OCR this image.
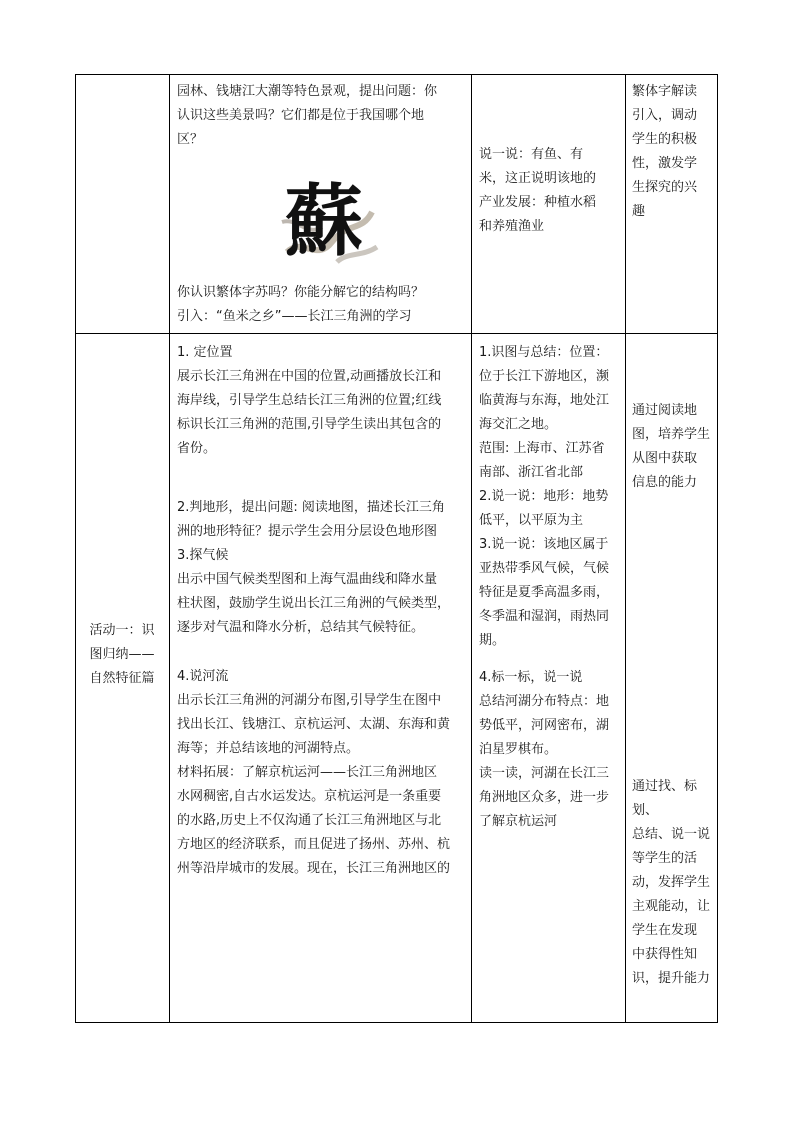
园林、钱塘江大潮等特色景观，提出问题：你

认识这些美景吗？它们都是位于我国哪个地

区？

蘇

你认识繁体字苏吗？你能分解它的结构吗？

引入：“鱼米之乡”——长江三角洲的学习

说一说：有鱼、有

米，这正说明该地的

产业发展：种植水稻

和养殖渔业

繁体字解读

引入，调动

学生的积极

性，激发学

生探究的兴

趣

活动一：识

图归纳——

自然特征篇

1. 定位置

展示长江三角洲在中国的位置,动画播放长江和

海岸线，引导学生总结长江三角洲的位置;红线

标识长江三角洲的范围,引导学生读出其包含的

省份。

2.判地形，提出问题: 阅读地图，描述长江三角

洲的地形特征？提示学生会用分层设色地形图

3.探气候

出示中国气候类型图和上海气温曲线和降水量

柱状图，鼓励学生说出长江三角洲的气候类型，

逐步对气温和降水分析，总结其气候特征。

4.说河流

出示长江三角洲的河湖分布图,引导学生在图中

找出长江、钱塘江、京杭运河、太湖、东海和黄

海等；并总结该地的河湖特点。

材料拓展：了解京杭运河——长江三角洲地区

水网稠密,自古水运发达。京杭运河是一条重要

的水路,历史上不仅沟通了长江三角洲地区与北

方地区的经济联系，而且促进了扬州、苏州、杭

州等沿岸城市的发展。现在，长江三角洲地区的

1.识图与总结：位置：

位于长江下游地区，濒

临黄海与东海，地处江

海交汇之地。

范围: 上海市、江苏省

南部、浙江省北部

2.说一说：地形：地势

低平，以平原为主

3.说一说：该地区属于

亚热带季风气候，气候

特征是夏季高温多雨，

冬季温和湿润，雨热同

期。

4.标一标，说一说

总结河湖分布特点：地

势低平，河网密布，湖

泊星罗棋布。

读一读，河湖在长江三

角洲地区众多，进一步

了解京杭运河

通过阅读地

图，培养学生

从图中获取

信息的能力

通过找、标划、

总结、说一说

等学生的活

动，发挥学生

主观能动，让

学生在发现

中获得性知

识，提升能力
